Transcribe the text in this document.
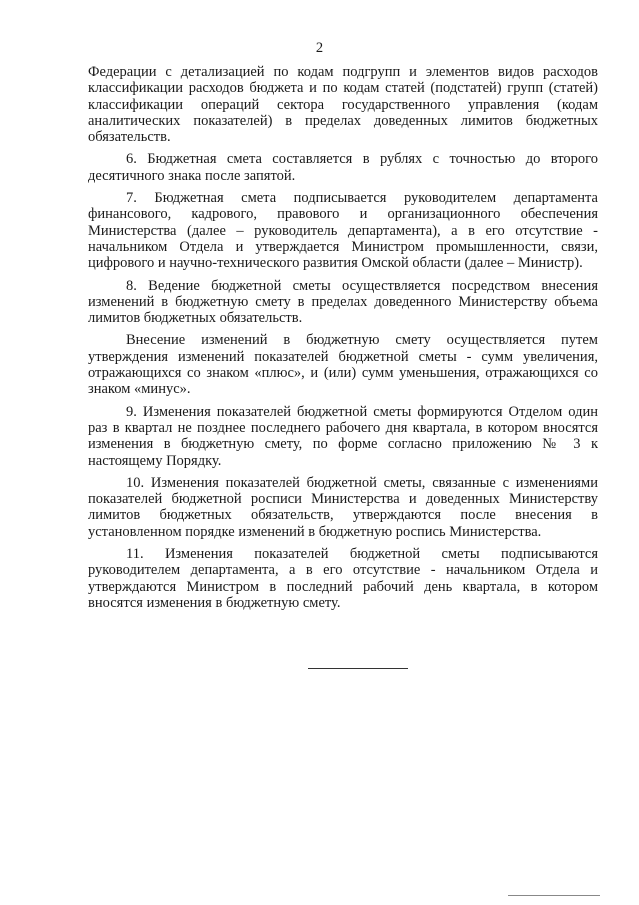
2

Федерации с детализацией по кодам подгрупп и элементов видов расходов классификации расходов бюджета и по кодам статей (подстатей) групп (статей) классификации операций сектора государственного управления (кодам аналитических показателей) в пределах доведенных лимитов бюджетных обязательств.

6. Бюджетная смета составляется в рублях с точностью до второго десятичного знака после запятой.

7. Бюджетная смета подписывается руководителем департамента финансового, кадрового, правового и организационного обеспечения Министерства (далее – руководитель департамента), а в его отсутствие - начальником Отдела и утверждается Министром промышленности, связи, цифрового и научно-технического развития Омской области (далее – Министр).

8. Ведение бюджетной сметы осуществляется посредством внесения изменений в бюджетную смету в пределах доведенного Министерству объема лимитов бюджетных обязательств.

Внесение изменений в бюджетную смету осуществляется путем утверждения изменений показателей бюджетной сметы - сумм увеличения, отражающихся со знаком «плюс», и (или) сумм уменьшения, отражающихся со знаком «минус».

9. Изменения показателей бюджетной сметы формируются Отделом один раз в квартал не позднее последнего рабочего дня квартала, в котором вносятся изменения в бюджетную смету, по форме согласно приложению № 3 к настоящему Порядку.

10. Изменения показателей бюджетной сметы, связанные с изменениями показателей бюджетной росписи Министерства и доведенных Министерству лимитов бюджетных обязательств, утверждаются после внесения в установленном порядке изменений в бюджетную роспись Министерства.

11. Изменения показателей бюджетной сметы подписываются руководителем департамента, а в его отсутствие - начальником Отдела и утверждаются Министром в последний рабочий день квартала, в котором вносятся изменения в бюджетную смету.
